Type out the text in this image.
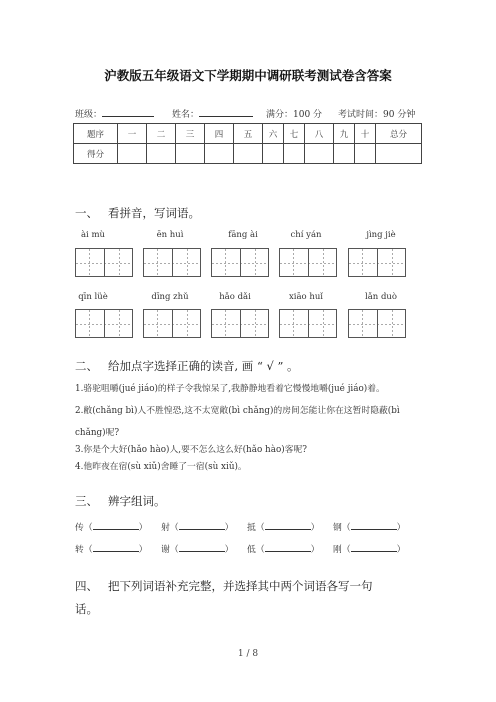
沪教版五年级语文下学期期中调研联考测试卷含答案
班级：	姓名：	满分：100 分 考试时间：90 分钟
题序	一	二	三	四	五	六	七	八	九	十	总分
得分											
一、 看拼音，写词语。
ài mù	ēn huì	fāng ài	chí yán	jìng jiè
qīn lüè	dīng zhǔ	hǎo dǎi	xiāo huǐ	lǎn duò
二、 给加点字选择正确的读音, 画 “ √ ” 。
1.骆驼咀嚼(jué jiáo)的样子令我惊呆了,我静静地看着它慢慢地嚼(jué jiáo)着。
2.敝(chǎng bì)人不胜惶恐,这不太宽敞(bì chǎng)的房间怎能让你在这暂时隐蔽(bì
chǎng)呢?
3.你是个大好(hǎo hào)人,要不怎么这么好(hǎo hào)客呢?
4.他昨夜在宿(sù xiǔ)舍睡了一宿(sù xiǔ)。
三、 辨字组词。
传（	） 射（	） 抵（	） 钢（	）
转（	） 谢（	） 低（	） 刚（	）
四、 把下列词语补充完整，并选择其中两个词语各写一句
话。
1 / 8
